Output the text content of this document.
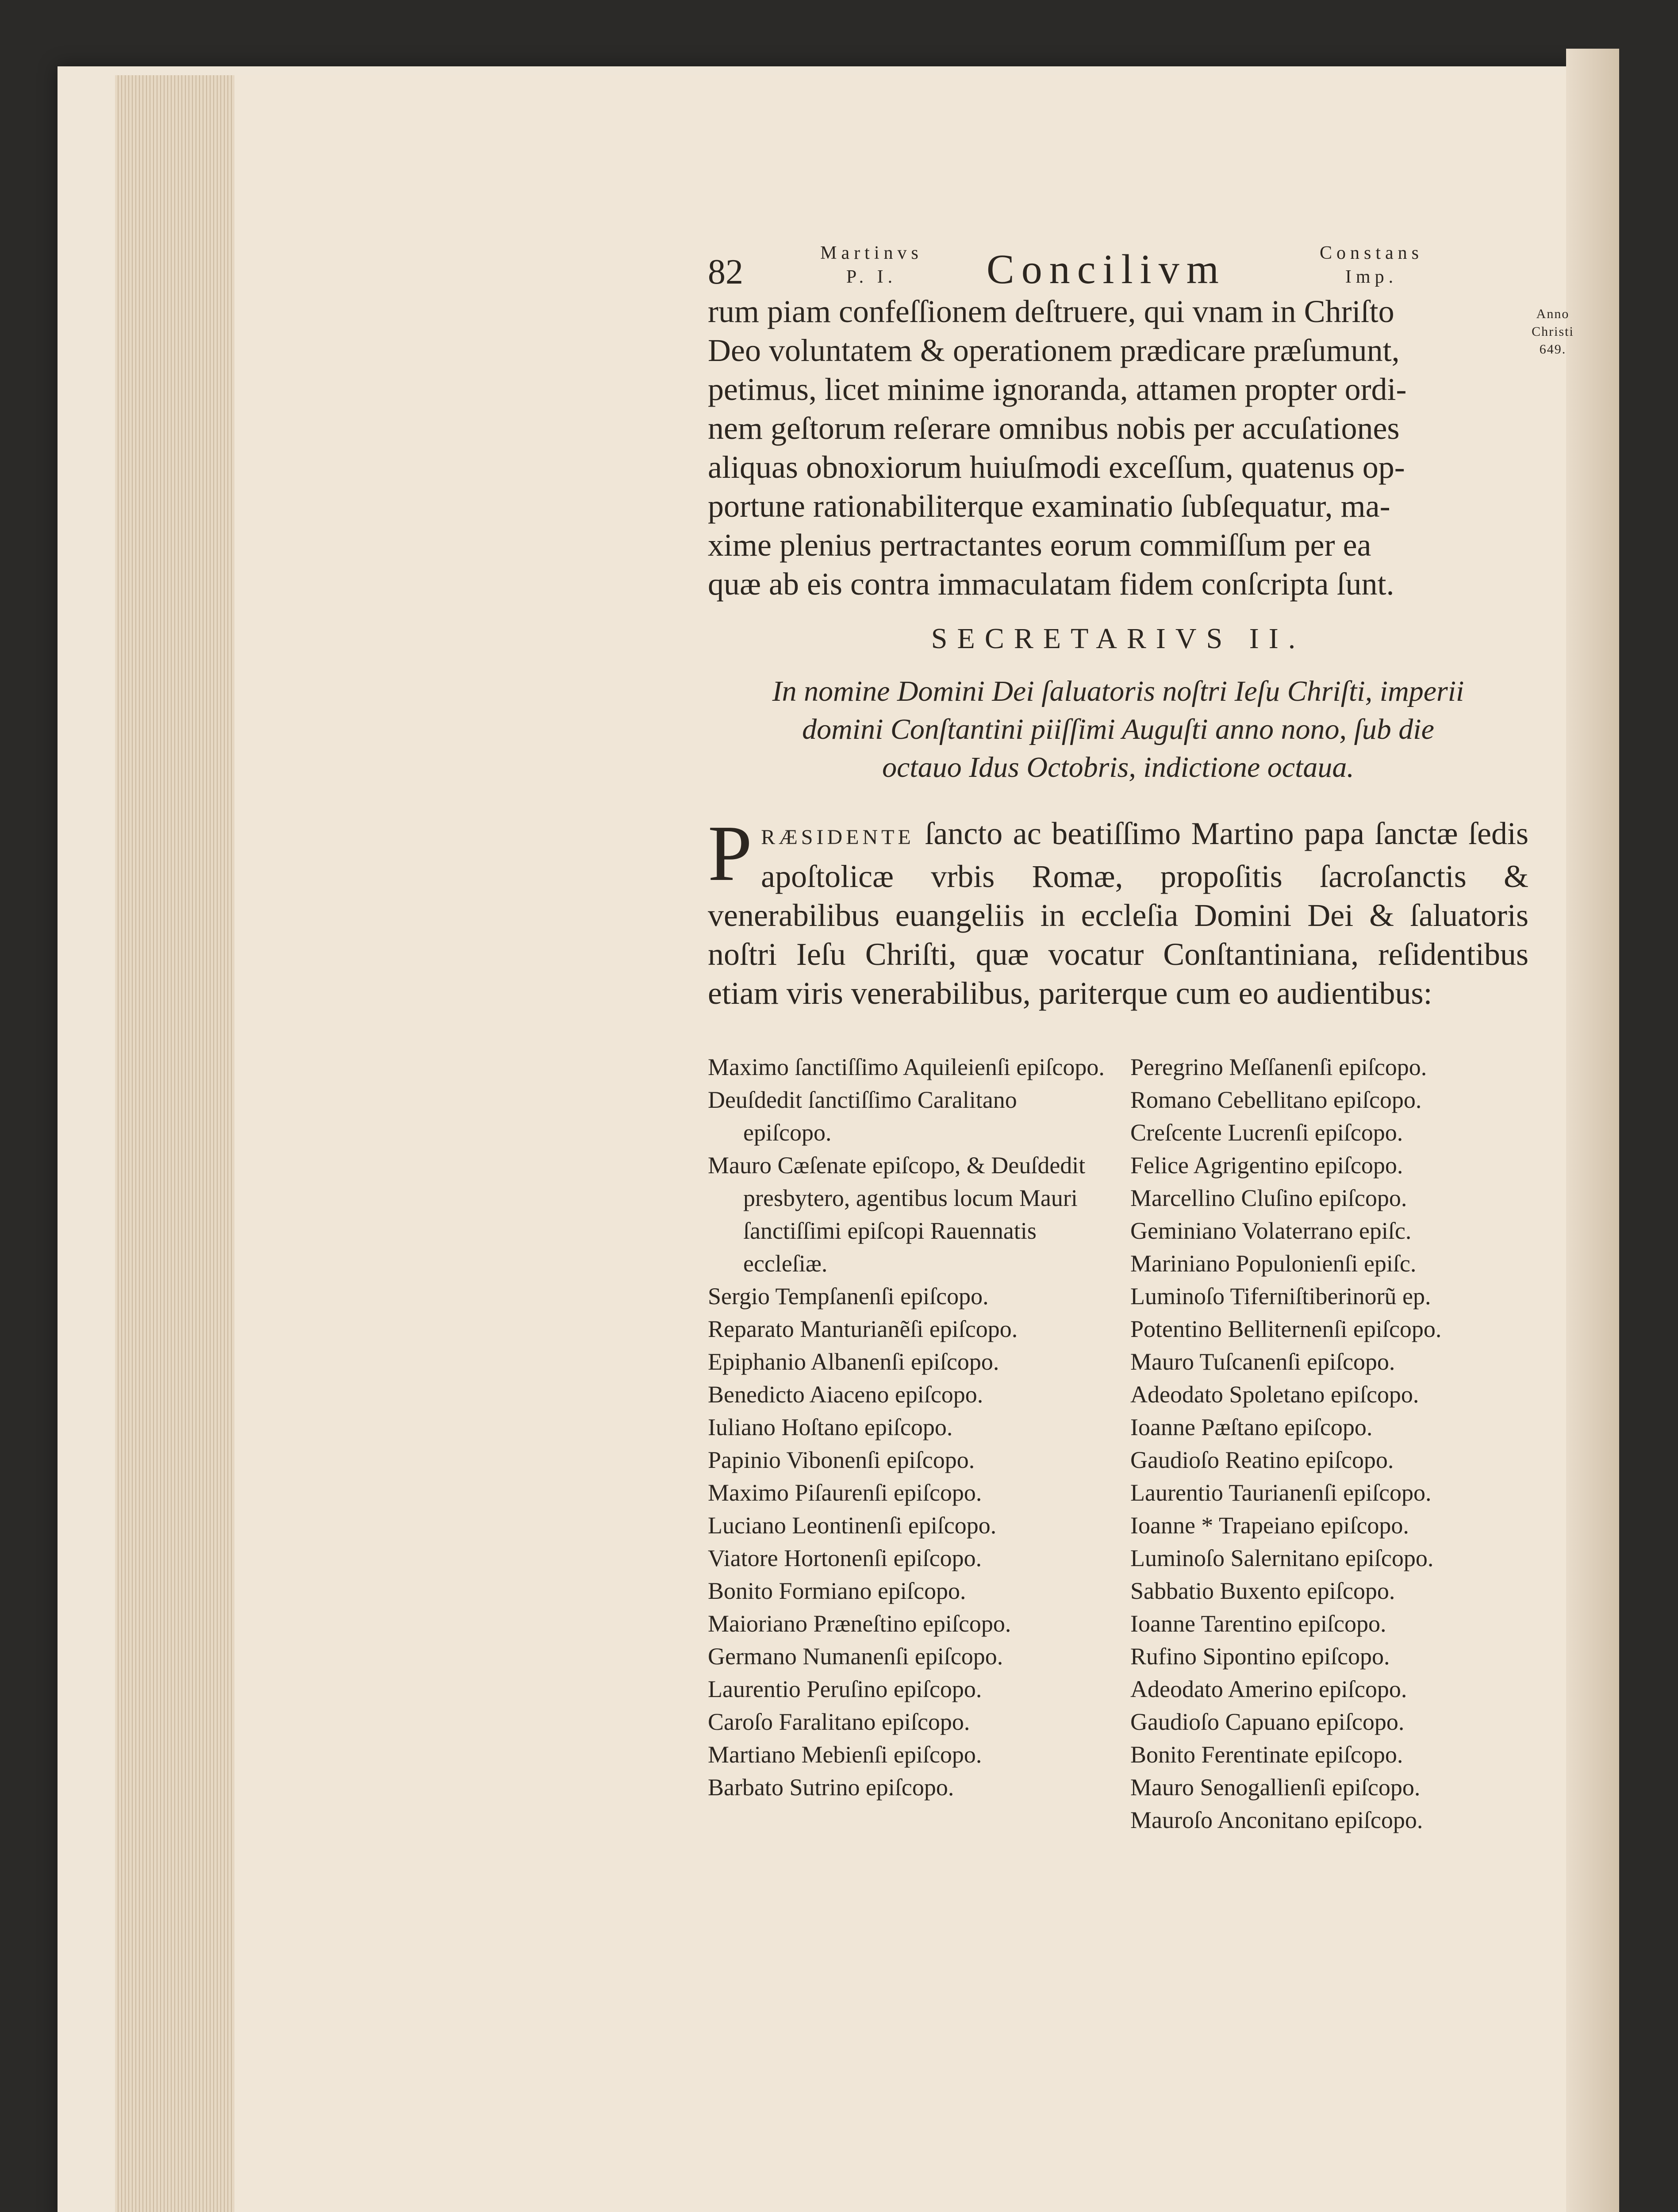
82	Martinvs
P. I.	Concilivm	Constans
Imp.
Anno
Christi
649.
rum piam confeſſionem deſtruere, qui vnam in Chriſto
Deo voluntatem & operationem prædicare præſumunt,
petimus, licet minime ignoranda, attamen propter ordi-
nem geſtorum reſerare omnibus nobis per accuſationes
aliquas obnoxiorum huiuſmodi exceſſum, quatenus op-
portune rationabiliterque examinatio ſubſequatur, ma-
xime plenius pertractantes eorum commiſſum per ea
quæ ab eis contra immaculatam fidem conſcripta ſunt.
SECRETARIVS II.
In nomine Domini Dei ſaluatoris noſtri Ieſu Chriſti, imperii
domini Conſtantini piiſſimi Auguſti anno nono, ſub die
octauo Idus Octobris, indictione octaua.
P RÆSIDENTE ſancto ac beatiſſimo Martino papa ſanctæ ſedis apoſtolicæ vrbis Romæ, propoſitis ſacroſanctis & venerabilibus euangeliis in eccleſia Domini Dei & ſaluatoris noſtri Ieſu Chriſti, quæ vocatur Conſtantiniana, reſidentibus etiam viris venerabilibus, pariterque cum eo audientibus:
Maximo ſanctiſſimo Aquileienſi epiſcopo.
Deuſdedit ſanctiſſimo Caralitano epiſcopo.
Mauro Cæſenate epiſcopo, & Deuſdedit presbytero, agentibus locum Mauri ſanctiſſimi epiſcopi Rauennatis eccleſiæ.
Sergio Tempſanenſi epiſcopo.
Reparato Manturianẽſi epiſcopo.
Epiphanio Albanenſi epiſcopo.
Benedicto Aiaceno epiſcopo.
Iuliano Hoſtano epiſcopo.
Papinio Vibonenſi epiſcopo.
Maximo Piſaurenſi epiſcopo.
Luciano Leontinenſi epiſcopo.
Viatore Hortonenſi epiſcopo.
Bonito Formiano epiſcopo.
Maioriano Præneſtino epiſcopo.
Germano Numanenſi epiſcopo.
Laurentio Peruſino epiſcopo.
Caroſo Faralitano epiſcopo.
Martiano Mebienſi epiſcopo.
Barbato Sutrino epiſcopo.
Peregrino Meſſanenſi epiſcopo.
Romano Cebellitano epiſcopo.
Creſcente Lucrenſi epiſcopo.
Felice Agrigentino epiſcopo.
Marcellino Cluſino epiſcopo.
Geminiano Volaterrano epiſc.
Mariniano Populonienſi epiſc.
Luminoſo Tiferniſtiberinorũ ep.
Potentino Belliternenſi epiſcopo.
Mauro Tuſcanenſi epiſcopo.
Adeodato Spoletano epiſcopo.
Ioanne Pæſtano epiſcopo.
Gaudioſo Reatino epiſcopo.
Laurentio Taurianenſi epiſcopo.
Ioanne * Trapeiano epiſcopo.
Luminoſo Salernitano epiſcopo.
Sabbatio Buxento epiſcopo.
Ioanne Tarentino epiſcopo.
Rufino Sipontino epiſcopo.
Adeodato Amerino epiſcopo.
Gaudioſo Capuano epiſcopo.
Bonito Ferentinate epiſcopo.
Mauro Senogallienſi epiſcopo.
Mauroſo Anconitano epiſcopo.
